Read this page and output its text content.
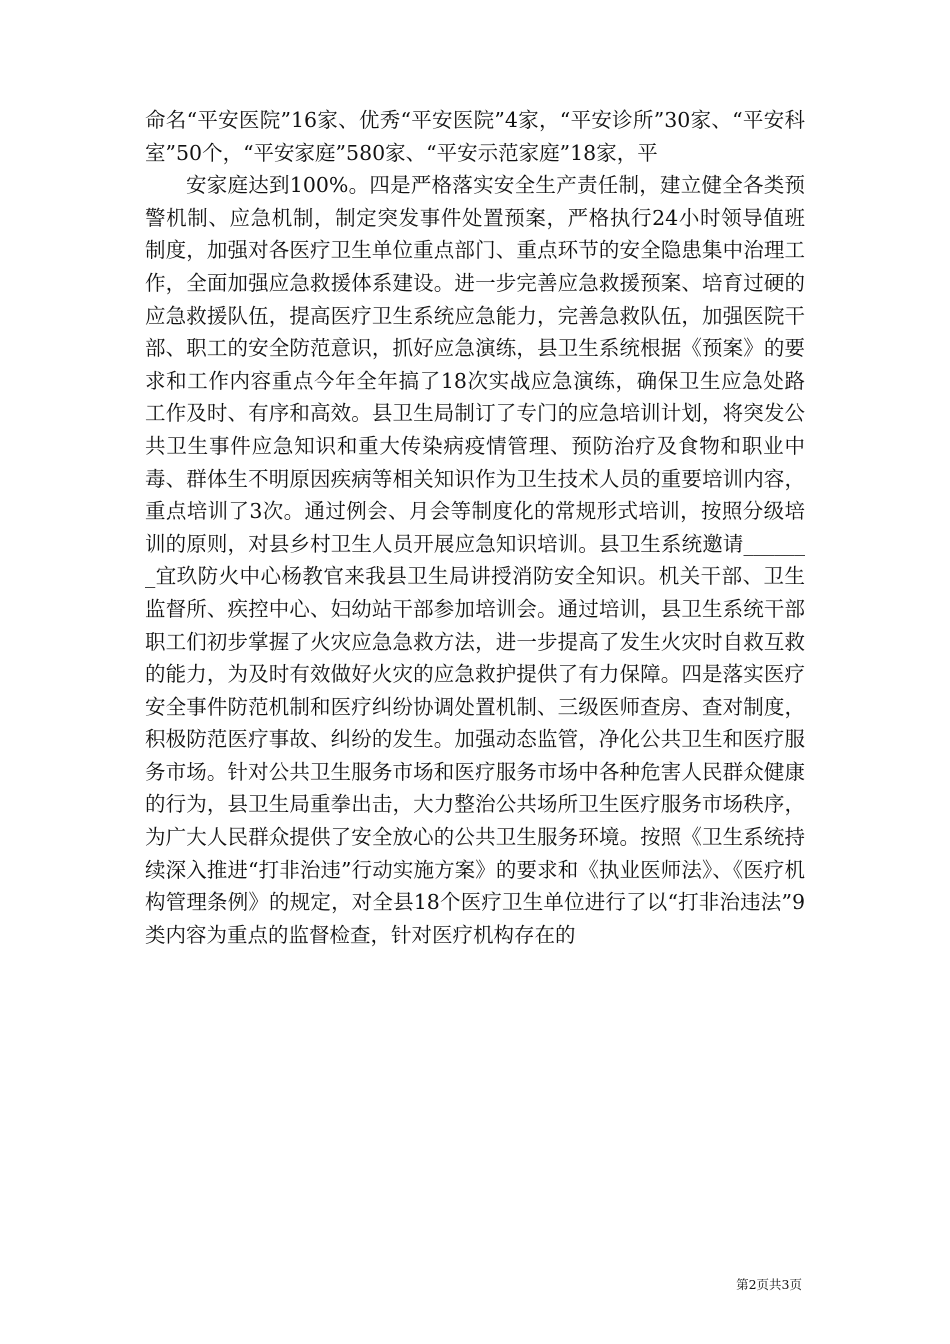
命名“平安医院”16家、优秀“平安医院”4家，“平安诊所”30家、“平安科室”50个，“平安家庭”580家、“平安示范家庭”18家，平

安家庭达到100%。四是严格落实安全生产责任制，建立健全各类预警机制、应急机制，制定突发事件处置预案，严格执行24小时领导值班制度，加强对各医疗卫生单位重点部门、重点环节的安全隐患集中治理工作，全面加强应急救援体系建设。进一步完善应急救援预案、培育过硬的应急救援队伍，提高医疗卫生系统应急能力，完善急救队伍，加强医院干部、职工的安全防范意识，抓好应急演练，县卫生系统根据《预案》的要求和工作内容重点今年全年搞了18次实战应急演练，确保卫生应急处路工作及时、有序和高效。县卫生局制订了专门的应急培训计划，将突发公共卫生事件应急知识和重大传染病疫情管理、预防治疗及食物和职业中毒、群体生不明原因疾病等相关知识作为卫生技术人员的重要培训内容，重点培训了3次。通过例会、月会等制度化的常规形式培训，按照分级培训的原则，对县乡村卫生人员开展应急知识培训。县卫生系统邀请_______宜玖防火中心杨教官来我县卫生局讲授消防安全知识。机关干部、卫生监督所、疾控中心、妇幼站干部参加培训会。通过培训，县卫生系统干部职工们初步掌握了火灾应急急救方法，进一步提高了发生火灾时自救互救的能力，为及时有效做好火灾的应急救护提供了有力保障。四是落实医疗安全事件防范机制和医疗纠纷协调处置机制、三级医师查房、查对制度，积极防范医疗事故、纠纷的发生。加强动态监管，净化公共卫生和医疗服务市场。针对公共卫生服务市场和医疗服务市场中各种危害人民群众健康的行为，县卫生局重拳出击，大力整治公共场所卫生医疗服务市场秩序，为广大人民群众提供了安全放心的公共卫生服务环境。按照《卫生系统持续深入推进“打非治违”行动实施方案》的要求和《执业医师法》、《医疗机构管理条例》的规定，对全县18个医疗卫生单位进行了以“打非治违法”9类内容为重点的监督检查，针对医疗机构存在的

第2页共3页
